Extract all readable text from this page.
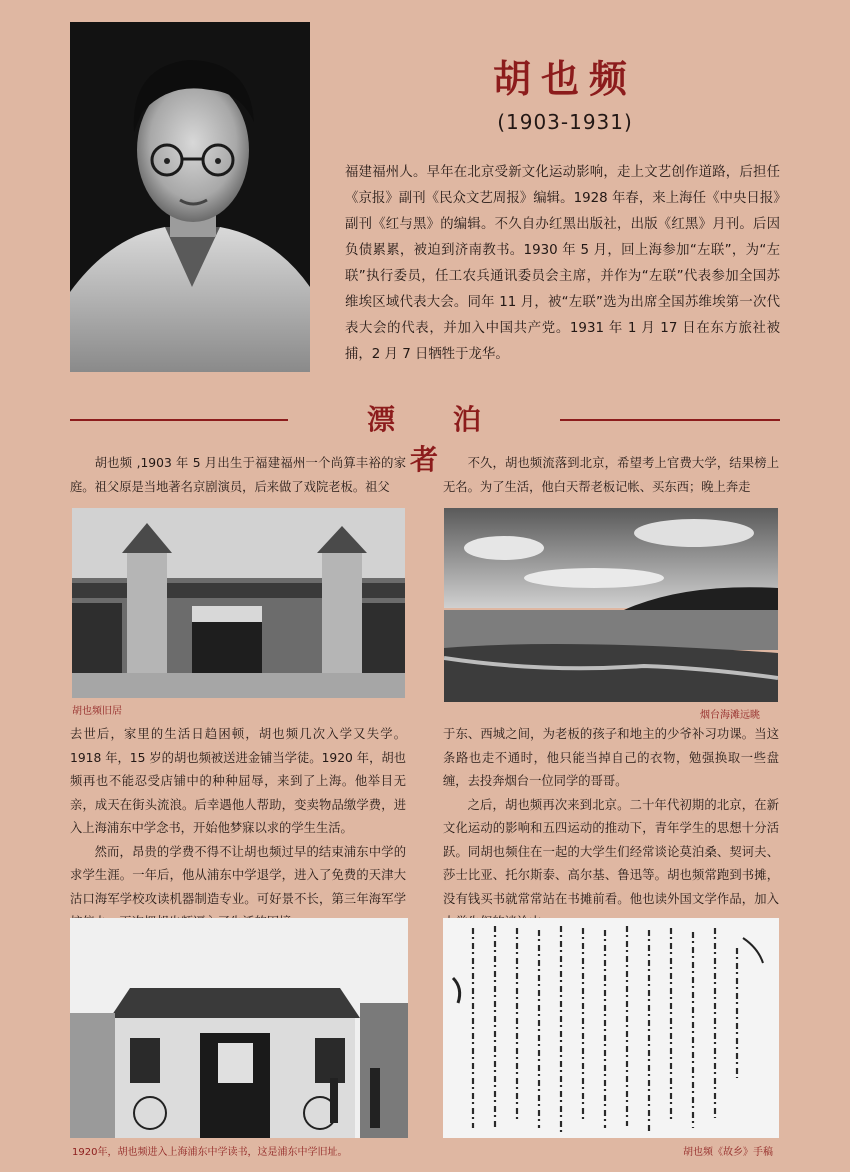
胡也频
(1903-1931)
福建福州人。早年在北京受新文化运动影响，走上文艺创作道路，后担任《京报》副刊《民众文艺周报》编辑。1928 年春，来上海任《中央日报》副刊《红与黑》的编辑。不久自办红黑出版社，出版《红黑》月刊。后因负债累累，被迫到济南教书。1930 年 5 月，回上海参加“左联”，为“左联”执行委员，任工农兵通讯委员会主席，并作为“左联”代表参加全国苏维埃区域代表大会。同年 11 月，被“左联”选为出席全国苏维埃第一次代表大会的代表，并加入中国共产党。1931 年 1 月 17 日在东方旅社被捕，2 月 7 日牺牲于龙华。
漂泊者

胡也频 ,1903 年 5 月出生于福建福州一个尚算丰裕的家庭。祖父原是当地著名京剧演员，后来做了戏院老板。祖父

胡也频旧居

去世后，家里的生活日趋困顿，胡也频几次入学又失学。1918 年，15 岁的胡也频被送进金铺当学徒。1920 年，胡也频再也不能忍受店铺中的种种屈辱，来到了上海。他举目无亲，成天在街头流浪。后幸遇他人帮助，变卖物品缴学费，进入上海浦东中学念书，开始他梦寐以求的学生生活。

然而，昂贵的学费不得不让胡也频过早的结束浦东中学的求学生涯。一年后，他从浦东中学退学，进入了免费的天津大沽口海军学校攻读机器制造专业。可好景不长，第三年海军学

1920年，胡也频进入上海浦东中学读书，这是浦东中学旧址。

不久，胡也频流落到北京，希望考上官费大学，结果榜上无名。为了生活，他白天帮老板记帐、买东西；晚上奔走

烟台海滩远眺

于东、西城之间，为老板的孩子和地主的少爷补习功课。当这条路也走不通时，他只能当掉自己的衣物，勉强换取一些盘缠，去投奔烟台一位同学的哥哥。

之后，胡也频再次来到北京。二十年代初期的北京，在新文化运动的影响和五四运动的推动下，青年学生的思想十分活跃。同胡也频住在一起的大学生们经常谈论莫泊桑、契诃夫、莎士比亚、托尔斯泰、高尔基、鲁迅等。胡也频常跑到书摊，没有钱买书就常常站在书摊前看。他也读外国文学作品，加入

胡也频《故乡》手稿
